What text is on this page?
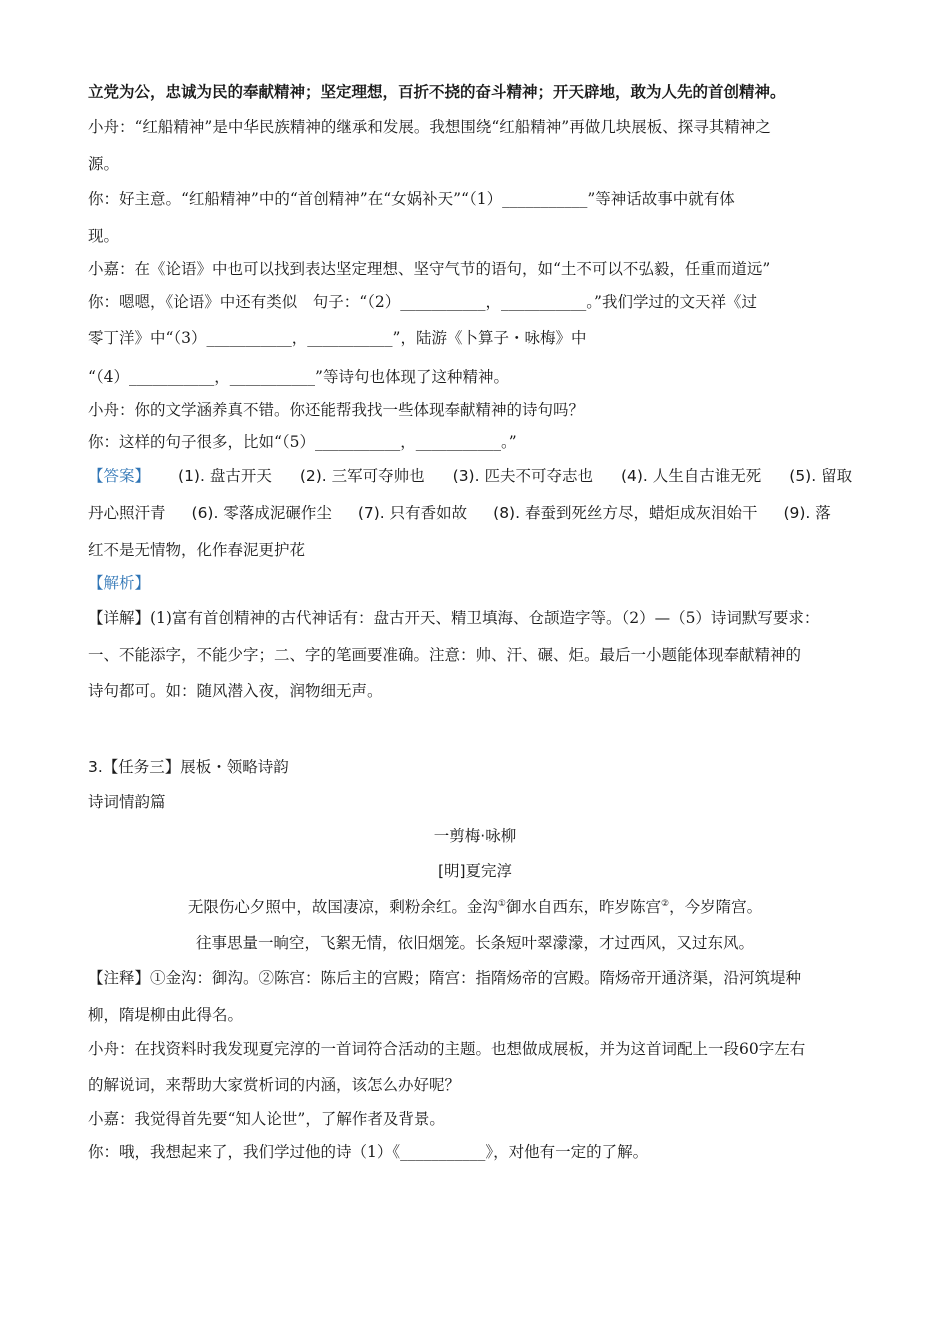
立党为公，忠诚为民的奉献精神；坚定理想，百折不挠的奋斗精神；开天辟地，敢为人先的首创精神。
小舟：“红船精神”是中华民族精神的继承和发展。我想围绕“红船精神”再做几块展板、探寻其精神之
源。
你：好主意。“红船精神”中的“首创精神”在“女娲补天”“（1）___________”等神话故事中就有体
现。
小嘉：在《论语》中也可以找到表达坚定理想、坚守气节的语句，如“土不可以不弘毅，任重而道远”
你：嗯嗯，《论语》中还有类似　句子：“（2）___________，___________。”我们学过的文天祥《过
零丁洋》中“（3）___________，___________”，陆游《卜算子・咏梅》中
“（4）___________，___________”等诗句也体现了这种精神。
小舟：你的文学涵养真不错。你还能帮我找一些体现奉献精神的诗句吗？
你：这样的句子很多，比如“（5）___________，___________。”
【答案】 (1). 盘古开天 (2). 三军可夺帅也 (3). 匹夫不可夺志也 (4). 人生自古谁无死 (5). 留取
丹心照汗青 (6). 零落成泥碾作尘 (7). 只有香如故 (8). 春蚕到死丝方尽，蜡炬成灰泪始干 (9). 落
红不是无情物，化作春泥更护花
【解析】
【详解】(1)富有首创精神的古代神话有：盘古开天、精卫填海、仓颉造字等。（2）—（5）诗词默写要求：
一、不能添字，不能少字；二、字的笔画要准确。注意：帅、汗、碾、炬。最后一小题能体现奉献精神的
诗句都可。如：随风潜入夜，润物细无声。
3.【任务三】展板・领略诗韵
诗词情韵篇
一剪梅·咏柳
[明]夏完淳
无限伤心夕照中，故国凄凉，剩粉余红。金沟①御水自西东，昨岁陈宫②，今岁隋宫。
往事思量一晌空，飞絮无情，依旧烟笼。长条短叶翠濛濛，才过西风，又过东风。
【注释】①金沟：御沟。②陈宫：陈后主的宫殿；隋宫：指隋炀帝的宫殿。隋炀帝开通济渠，沿河筑堤种
柳，隋堤柳由此得名。
小舟：在找资料时我发现夏完淳的一首词符合活动的主题。也想做成展板，并为这首词配上一段60字左右
的解说词，来帮助大家赏析词的内涵，该怎么办好呢？
小嘉：我觉得首先要“知人论世”，了解作者及背景。
你：哦，我想起来了，我们学过他的诗（1）《___________》，对他有一定的了解。
